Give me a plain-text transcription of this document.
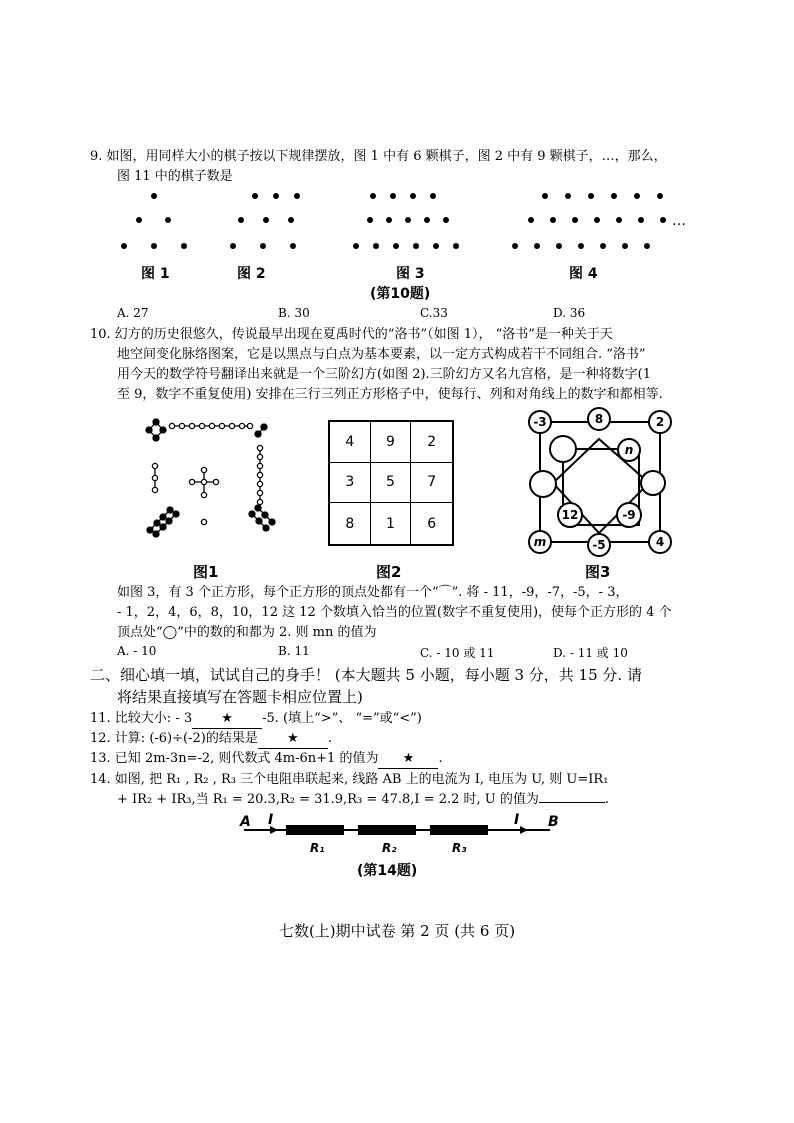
9. 如图，用同样大小的棋子按以下规律摆放，图 1 中有 6 颗棋子，图 2 中有 9 颗棋子，…，那么，
图 11 中的棋子数是
…
图 1	图 2	图 3	图 4
(第10题)
A. 27	B. 30	C.33	D. 36
10. 幻方的历史很悠久，传说最早出现在夏禹时代的“洛书”（如图 1）， “洛书”是一种关于天
地空间变化脉络图案，它是以黑点与白点为基本要素，以一定方式构成若干不同组合. “洛书”
用今天的数学符号翻译出来就是一个三阶幻方(如图 2).三阶幻方又名九宫格，是一种将数字(1
至 9，数字不重复使用) 安排在三行三列正方形格子中，使每行、列和对角线上的数字和都相等.
4	9	2
3	5	7
8	1	6
-3	8	2
n
12	-9
m	-5	4
图1	图2	图3
如图 3，有 3 个正方形，每个正方形的顶点处都有一个“⌒”. 将 - 11，-9，-7，-5，- 3，
- 1，2，4，6，8，10，12 这 12 个数填入恰当的位置(数字不重复使用)，使每个正方形的 4 个
顶点处“◯”中的数的和都为 2. 则 mn 的值为
A. - 10	B. 11	C. - 10 或 11	D. - 11 或 10
二、细心填一填，试试自己的身手！ (本大题共 5 小题，每小题 3 分，共 15 分. 请
将结果直接填写在答题卡相应位置上)
11. 比较大小: - 3 ★ -5. (填上“>”、 “=”或“<”)
12. 计算: (-6)÷(-2)的结果是 ★ .
13. 已知 2m-3n=-2, 则代数式 4m-6n+1 的值为 ★ .
14. 如图, 把 R₁ , R₂ , R₃ 三个电阻串联起来, 线路 AB 上的电流为 I, 电压为 U, 则 U=IR₁
+ IR₂ + IR₃,当 R₁ = 20.3,R₂ = 31.9,R₃ = 47.8,I = 2.2 时, U 的值为	.
A I	I B
R₁	R₂	R₃
(第14题)
七数(上)期中试卷 第 2 页 (共 6 页)
